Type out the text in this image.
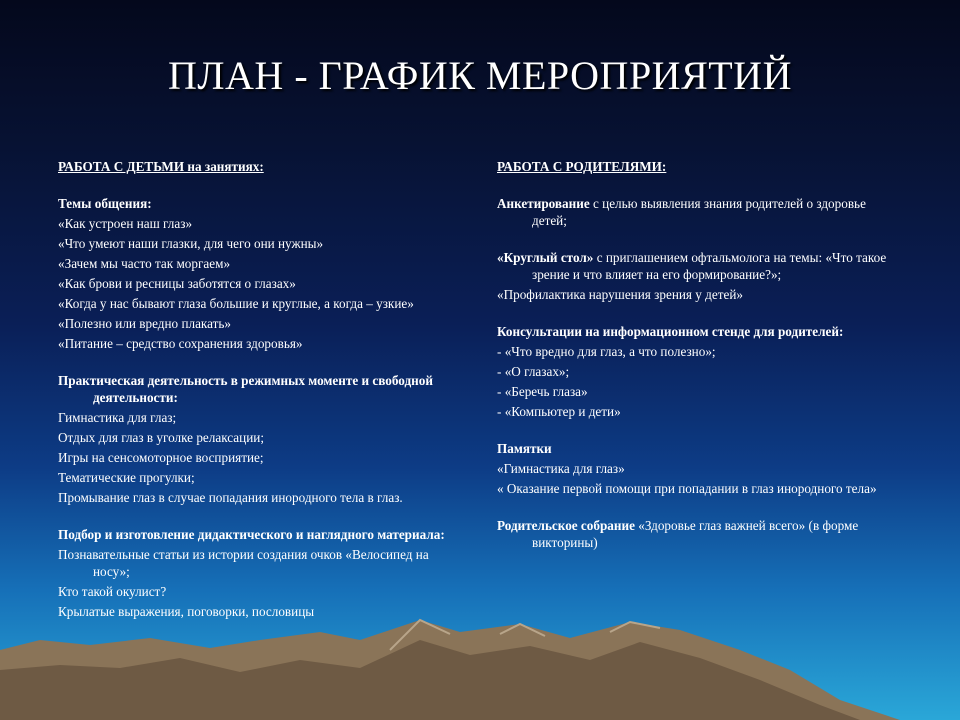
ПЛАН - ГРАФИК МЕРОПРИЯТИЙ

РАБОТА С ДЕТЬМИ на занятиях:

Темы общения:

«Как устроен наш глаз»

«Что умеют наши глазки, для чего они нужны»

«Зачем мы часто так моргаем»

«Как брови и ресницы заботятся о глазах»

«Когда у нас бывают глаза большие и круглые, а когда – узкие»

«Полезно или вредно плакать»

«Питание – средство сохранения здоровья»

Практическая деятельность в режимных моменте и свободной деятельности:

Гимнастика для глаз;

Отдых для глаз в уголке релаксации;

Игры на сенсомоторное восприятие;

Тематические прогулки;

Промывание глаз в случае попадания инородного тела в глаз.

Подбор и изготовление дидактического и наглядного материала:

Познавательные статьи из истории создания очков «Велосипед на носу»;

Кто такой окулист?

Крылатые выражения, поговорки, пословицы

РАБОТА С РОДИТЕЛЯМИ:

Анкетирование с целью выявления знания родителей о здоровье детей;

«Круглый стол» с приглашением офтальмолога на темы: «Что такое зрение и что влияет на его формирование?»;

«Профилактика нарушения зрения у детей»

Консультации на информационном стенде для родителей:

- «Что вредно для глаз, а что полезно»;

- «О глазах»;

- «Беречь глаза»

- «Компьютер и дети»

Памятки

«Гимнастика для глаз»

« Оказание первой помощи при попадании в глаз инородного тела»

Родительское собрание «Здоровье глаз важней всего» (в форме викторины)
